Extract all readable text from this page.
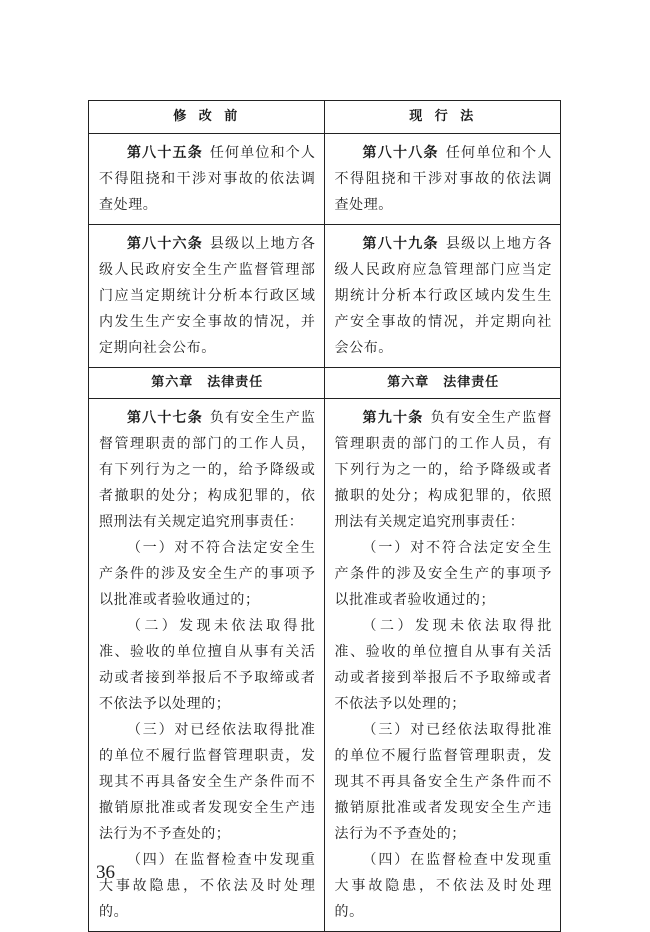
修 改 前	现 行 法

第八十五条 任何单位和个人不得阻挠和干涉对事故的依法调查处理。

第八十八条 任何单位和个人不得阻挠和干涉对事故的依法调查处理。

第八十六条 县级以上地方各级人民政府安全生产监督管理部门应当定期统计分析本行政区域内发生生产安全事故的情况，并定期向社会公布。

第八十九条 县级以上地方各级人民政府应急管理部门应当定期统计分析本行政区域内发生生产安全事故的情况，并定期向社会公布。

第六章　法律责任	第六章　法律责任

第八十七条 负有安全生产监督管理职责的部门的工作人员，有下列行为之一的，给予降级或者撤职的处分；构成犯罪的，依照刑法有关规定追究刑事责任：

（一）对不符合法定安全生产条件的涉及安全生产的事项予以批准或者验收通过的；

（二）发现未依法取得批准、验收的单位擅自从事有关活动或者接到举报后不予取缔或者不依法予以处理的；

（三）对已经依法取得批准的单位不履行监督管理职责，发现其不再具备安全生产条件而不撤销原批准或者发现安全生产违法行为不予查处的；

（四）在监督检查中发现重大事故隐患，不依法及时处理的。

第九十条 负有安全生产监督管理职责的部门的工作人员，有下列行为之一的，给予降级或者撤职的处分；构成犯罪的，依照刑法有关规定追究刑事责任：

（一）对不符合法定安全生产条件的涉及安全生产的事项予以批准或者验收通过的；

（二）发现未依法取得批准、验收的单位擅自从事有关活动或者接到举报后不予取缔或者不依法予以处理的；

（三）对已经依法取得批准的单位不履行监督管理职责，发现其不再具备安全生产条件而不撤销原批准或者发现安全生产违法行为不予查处的；

（四）在监督检查中发现重大事故隐患，不依法及时处理的。

36
